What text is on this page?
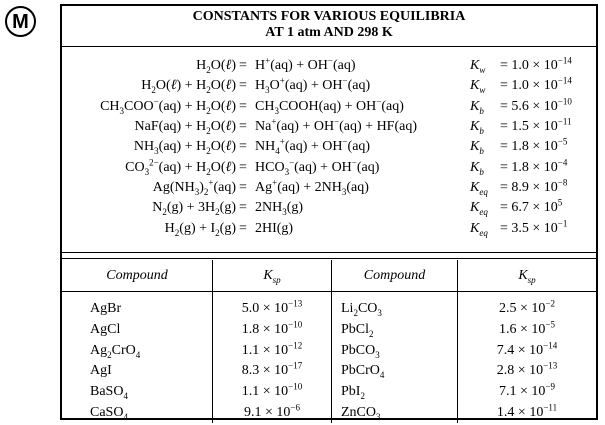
M	CONSTANTS FOR VARIOUS EQUILIBRIA
AT 1 atm AND 298 K
$H_2O(\ell)$	=	H+(aq) + OH−(aq)	$K_w$	= $1.0 \times 10^{-14}$
$H_2O(\ell)$ + $H_2O(\ell)$	=	$H_3O^+(aq) + OH^-(aq)$	$K_w$	= $1.0 \times 10^{-14}$
$CH_3COO^-(aq)$ + $H_2O(\ell)$	=	$CH_3COOH(aq) + OH^-(aq)$	$K_b$	= $5.6 \times 10^{-10}$
$NaF(aq) + H_2O(\ell)$	=	Na+(aq) + OH−(aq) + HF(aq)	$K_b$	= $1.5 \times 10^{-11}$
$NH_3(aq)$ + $H_2O(\ell)$	=	$NH_4^+(aq) + OH^-(aq)$	$K_b$	= $1.8 \times 10^{-5}$
$CO_3^{2-}(aq)$ + $H_2O(\ell)$	=	$HCO_3^-(aq) + OH^-(aq)$	$K_b$	= $1.8 \times 10^{-4}$
$Ag(NH_3)_2^+(aq)$	=	$Ag^+(aq) + 2NH_3(aq)$	$K_{eq}$	= $8.9 \times 10^{-8}$
$N_2(g) + 3H_2(g)$	=	$2NH_3(g)$	$K_{eq}$	= $6.7 \times 10^5$
$H_2(g) + I_2(g)$	=	2HI(g)	$K_{eq}$	= $3.5 \times 10^{-1}$
Compound	$K_{sp}$	Compound	$K_{sp}$
AgBr	$5.0 \times 10^{-13}$	$Li_2CO_3$	$2.5 \times 10^{-2}$
AgCl	$1.8 \times 10^{-10}$	PbCl$_2$	$1.6 \times 10^{-5}$
$Ag_2CrO_4$	$1.1 \times 10^{-12}$	PbCO$_3$	$7.4 \times 10^{-14}$
AgI	$8.3 \times 10^{-17}$	PbCrO$_4$	$2.8 \times 10^{-13}$
BaSO$_4$	$1.1 \times 10^{-10}$	PbI$_2$	$7.1 \times 10^{-9}$
CaSO$_4$	$9.1 \times 10^{-6}$	ZnCO$_3$	$1.4 \times 10^{-11}$
